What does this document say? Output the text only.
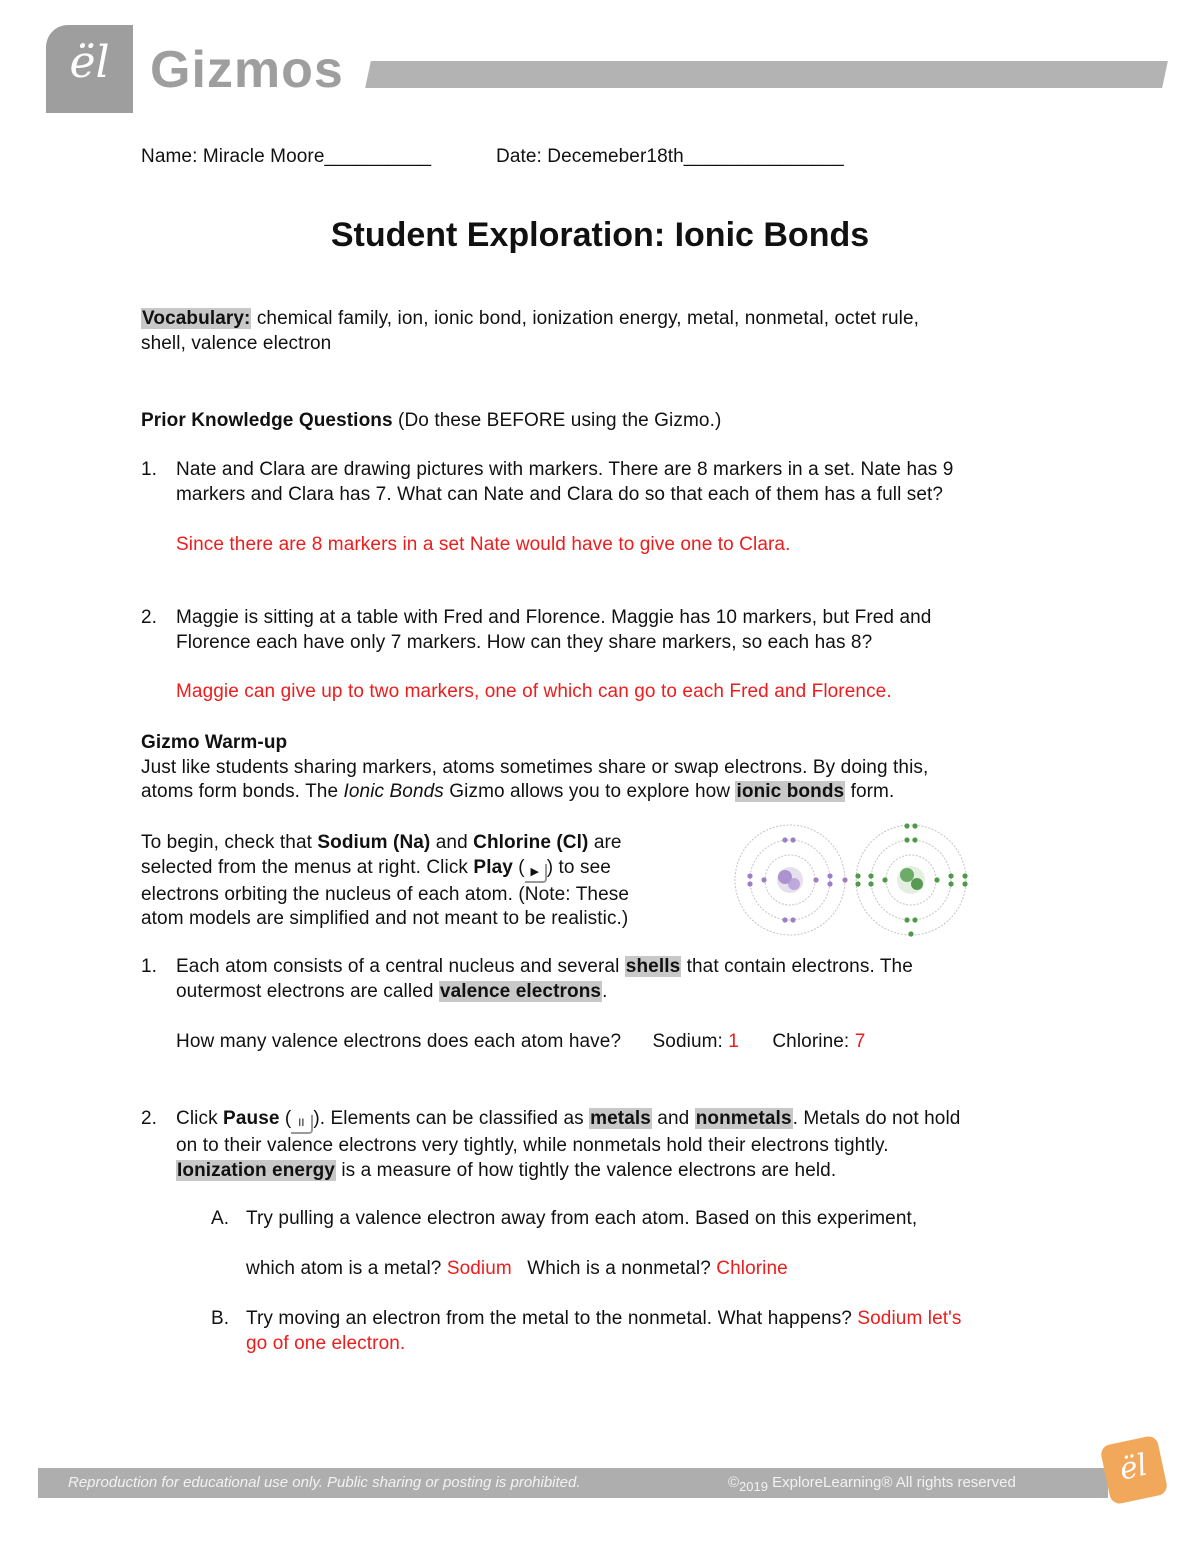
ël Gizmos
Name: Miracle Moore__________	Date: Decemeber18th_______________
Student Exploration: Ionic Bonds
Vocabulary: chemical family, ion, ionic bond, ionization energy, metal, nonmetal, octet rule,
shell, valence electron
Prior Knowledge Questions (Do these BEFORE using the Gizmo.)
1. Nate and Clara are drawing pictures with markers. There are 8 markers in a set. Nate has 9
markers and Clara has 7. What can Nate and Clara do so that each of them has a full set?
Since there are 8 markers in a set Nate would have to give one to Clara.
2. Maggie is sitting at a table with Fred and Florence. Maggie has 10 markers, but Fred and
Florence each have only 7 markers. How can they share markers, so each has 8?
Maggie can give up to two markers, one of which can go to each Fred and Florence.
Gizmo Warm-up
Just like students sharing markers, atoms sometimes share or swap electrons. By doing this,
atoms form bonds. The Ionic Bonds Gizmo allows you to explore how ionic bonds form.
To begin, check that Sodium (Na) and Chlorine (Cl) are
selected from the menus at right. Click Play ( ▶ ) to see
electrons orbiting the nucleus of each atom. (Note: These
atom models are simplified and not meant to be realistic.)
1. Each atom consists of a central nucleus and several shells that contain electrons. The
outermost electrons are called valence electrons.
How many valence electrons does each atom have? Sodium: 1 Chlorine: 7
2. Click Pause ( II ). Elements can be classified as metals and nonmetals. Metals do not hold
on to their valence electrons very tightly, while nonmetals hold their electrons tightly.
Ionization energy is a measure of how tightly the valence electrons are held.
A. Try pulling a valence electron away from each atom. Based on this experiment,
which atom is a metal? Sodium Which is a nonmetal? Chlorine
B. Try moving an electron from the metal to the nonmetal. What happens? Sodium let's
go of one electron.
Reproduction for educational use only. Public sharing or posting is prohibited.	$©_{2019}$ ExploreLearning® All rights reserved	ël
